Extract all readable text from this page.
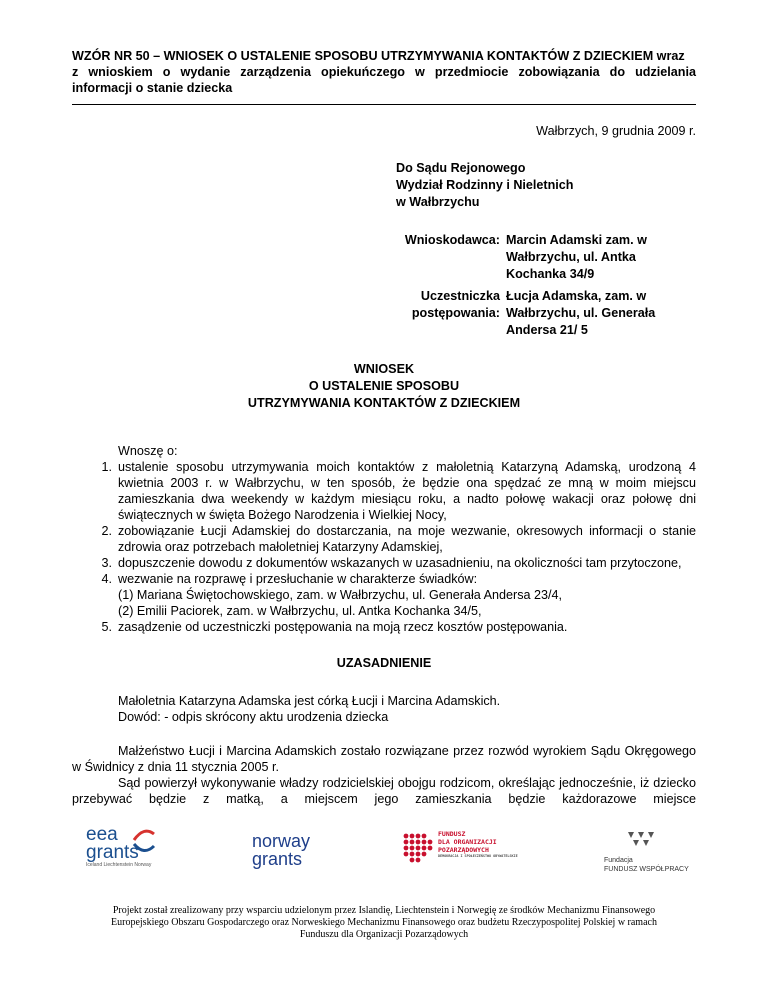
WZÓR NR 50 – WNIOSEK O USTALENIE SPOSOBU UTRZYMYWANIA KONTAKTÓW Z DZIECKIEM wraz
z wnioskiem o wydanie zarządzenia opiekuńczego w przedmiocie zobowiązania do udzielania
informacji o stanie dziecka
Wałbrzych, 9 grudnia 2009 r.
Do Sądu Rejonowego
Wydział Rodzinny i Nieletnich
w Wałbrzychu
Wnioskodawca: Marcin Adamski zam. w
Wałbrzychu, ul. Antka
Kochanka 34/9
Uczestniczka
postępowania:
Łucja Adamska, zam. w
Wałbrzychu, ul. Generała
Andersa 21/ 5
WNIOSEK
O USTALENIE SPOSOBU
UTRZYMYWANIA KONTAKTÓW Z DZIECKIEM
Wnoszę o:
1. ustalenie sposobu utrzymywania moich kontaktów z małoletnią Katarzyną Adamską, urodzoną 4 kwietnia 2003 r. w Wałbrzychu, w ten sposób, że będzie ona spędzać ze mną w moim miejscu zamieszkania dwa weekendy w każdym miesiącu roku, a nadto połowę wakacji oraz połowę dni świątecznych w święta Bożego Narodzenia i Wielkiej Nocy,
2. zobowiązanie Łucji Adamskiej do dostarczania, na moje wezwanie, okresowych informacji o stanie zdrowia oraz potrzebach małoletniej Katarzyny Adamskiej,
3. dopuszczenie dowodu z dokumentów wskazanych w uzasadnieniu, na okoliczności tam przytoczone,
4. wezwanie na rozprawę i przesłuchanie w charakterze świadków:
(1) Mariana Świętochowskiego, zam. w Wałbrzychu, ul. Generała Andersa 23/4,
(2) Emilii Paciorek, zam. w Wałbrzychu, ul. Antka Kochanka 34/5,
5. zasądzenie od uczestniczki postępowania na moją rzecz kosztów postępowania.
UZASADNIENIE
Małoletnia Katarzyna Adamska jest córką Łucji i Marcina Adamskich.
Dowód: - odpis skrócony aktu urodzenia dziecka
Małżeństwo Łucji i Marcina Adamskich zostało rozwiązane przez rozwód wyrokiem Sądu Okręgowego w Świdnicy z dnia 11 stycznia 2005 r.
Sąd powierzył wykonywanie władzy rodzicielskiej obojgu rodzicom, określając jednocześnie, iż dziecko przebywać będzie z matką, a miejscem jego zamieszkania będzie każdorazowe miejsce
eea
grants
Iceland Liechtenstein Norway
norway
grants
FUNDUSZ
DLA ORGANIZACJI
POZARZĄDOWYCH
DEMOKRACJA I SPOŁECZEŃSTWO OBYWATELSKIE
Fundacja
FUNDUSZ WSPÓŁPRACY
Projekt został zrealizowany przy wsparciu udzielonym przez Islandię, Liechtenstein i Norwegię ze środków Mechanizmu Finansowego
Europejskiego Obszaru Gospodarczego oraz Norweskiego Mechanizmu Finansowego oraz budżetu Rzeczypospolitej Polskiej w ramach
Funduszu dla Organizacji Pozarządowych
